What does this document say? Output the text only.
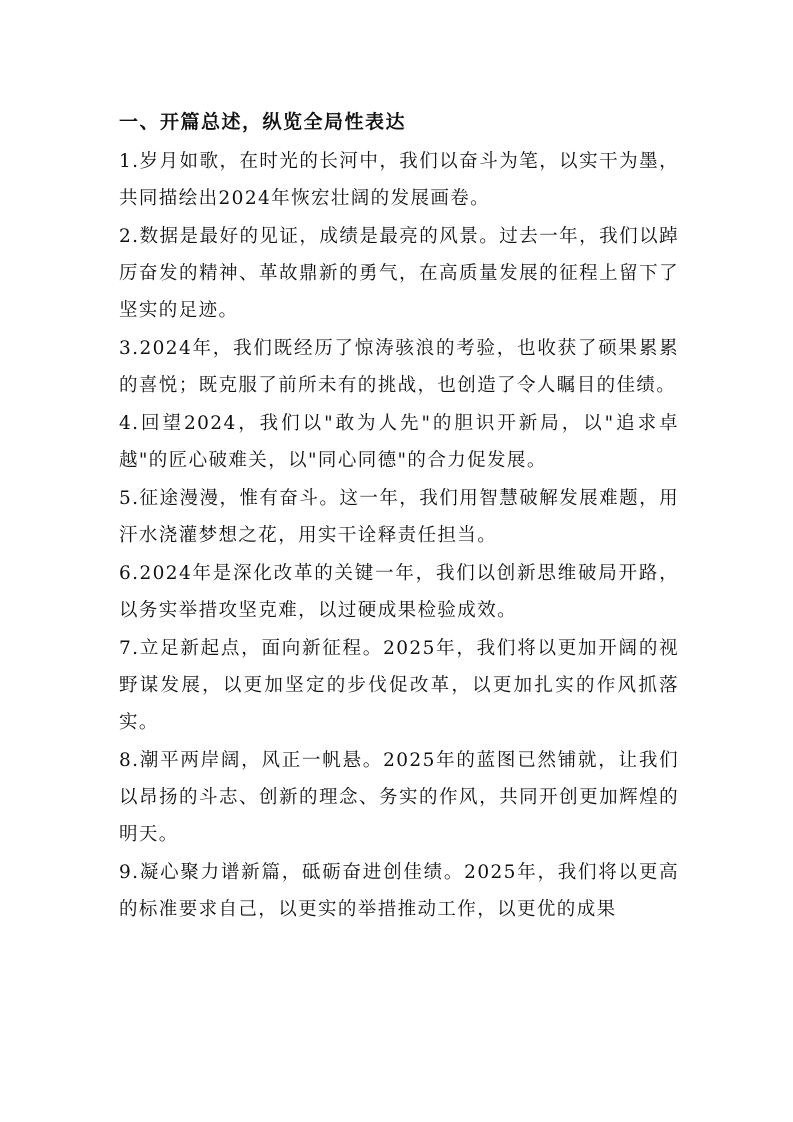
一、开篇总述，纵览全局性表达

1.岁月如歌，在时光的长河中，我们以奋斗为笔，以实干为墨，共同描绘出2024年恢宏壮阔的发展画卷。

2.数据是最好的见证，成绩是最亮的风景。过去一年，我们以踔厉奋发的精神、革故鼎新的勇气，在高质量发展的征程上留下了坚实的足迹。

3.2024年，我们既经历了惊涛骇浪的考验，也收获了硕果累累的喜悦；既克服了前所未有的挑战，也创造了令人瞩目的佳绩。

4.回望2024，我们以"敢为人先"的胆识开新局，以"追求卓越"的匠心破难关，以"同心同德"的合力促发展。

5.征途漫漫，惟有奋斗。这一年，我们用智慧破解发展难题，用汗水浇灌梦想之花，用实干诠释责任担当。

6.2024年是深化改革的关键一年，我们以创新思维破局开路，以务实举措攻坚克难，以过硬成果检验成效。

7.立足新起点，面向新征程。2025年，我们将以更加开阔的视野谋发展，以更加坚定的步伐促改革，以更加扎实的作风抓落实。

8.潮平两岸阔，风正一帆悬。2025年的蓝图已然铺就，让我们以昂扬的斗志、创新的理念、务实的作风，共同开创更加辉煌的明天。

9.凝心聚力谱新篇，砥砺奋进创佳绩。2025年，我们将以更高的标准要求自己，以更实的举措推动工作，以更优的成果
